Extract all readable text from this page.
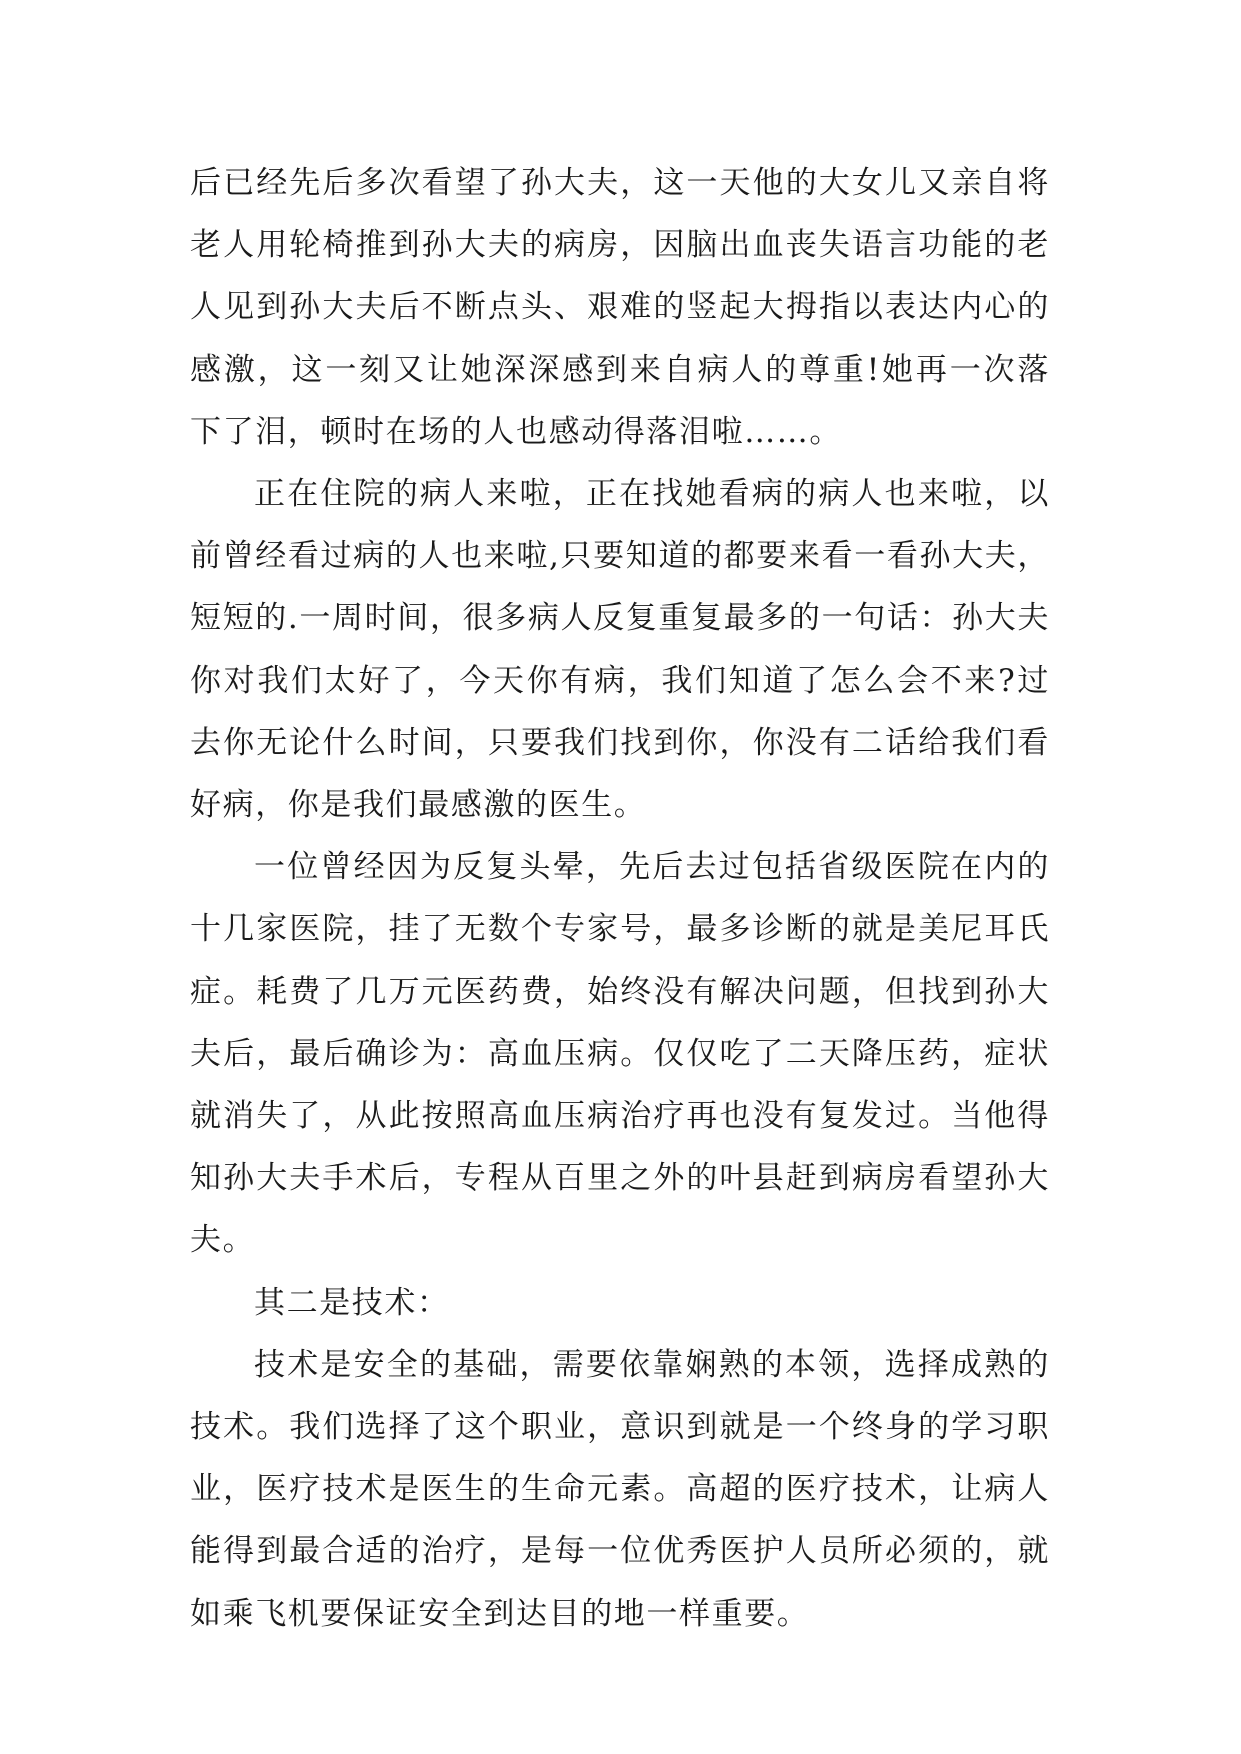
后已经先后多次看望了孙大夫，这一天他的大女儿又亲自将老人用轮椅推到孙大夫的病房，因脑出血丧失语言功能的老人见到孙大夫后不断点头、艰难的竖起大拇指以表达内心的感激，这一刻又让她深深感到来自病人的尊重!她再一次落下了泪，顿时在场的人也感动得落泪啦……。

正在住院的病人来啦，正在找她看病的病人也来啦，以前曾经看过病的人也来啦,只要知道的都要来看一看孙大夫，短短的.一周时间，很多病人反复重复最多的一句话：孙大夫你对我们太好了，今天你有病，我们知道了怎么会不来?过去你无论什么时间，只要我们找到你，你没有二话给我们看好病，你是我们最感激的医生。

一位曾经因为反复头晕，先后去过包括省级医院在内的十几家医院，挂了无数个专家号，最多诊断的就是美尼耳氏症。耗费了几万元医药费，始终没有解决问题，但找到孙大夫后，最后确诊为：高血压病。仅仅吃了二天降压药，症状就消失了，从此按照高血压病治疗再也没有复发过。当他得知孙大夫手术后，专程从百里之外的叶县赶到病房看望孙大夫。

其二是技术：

技术是安全的基础，需要依靠娴熟的本领，选择成熟的技术。我们选择了这个职业，意识到就是一个终身的学习职业，医疗技术是医生的生命元素。高超的医疗技术，让病人能得到最合适的治疗，是每一位优秀医护人员所必须的，就如乘飞机要保证安全到达目的地一样重要。
